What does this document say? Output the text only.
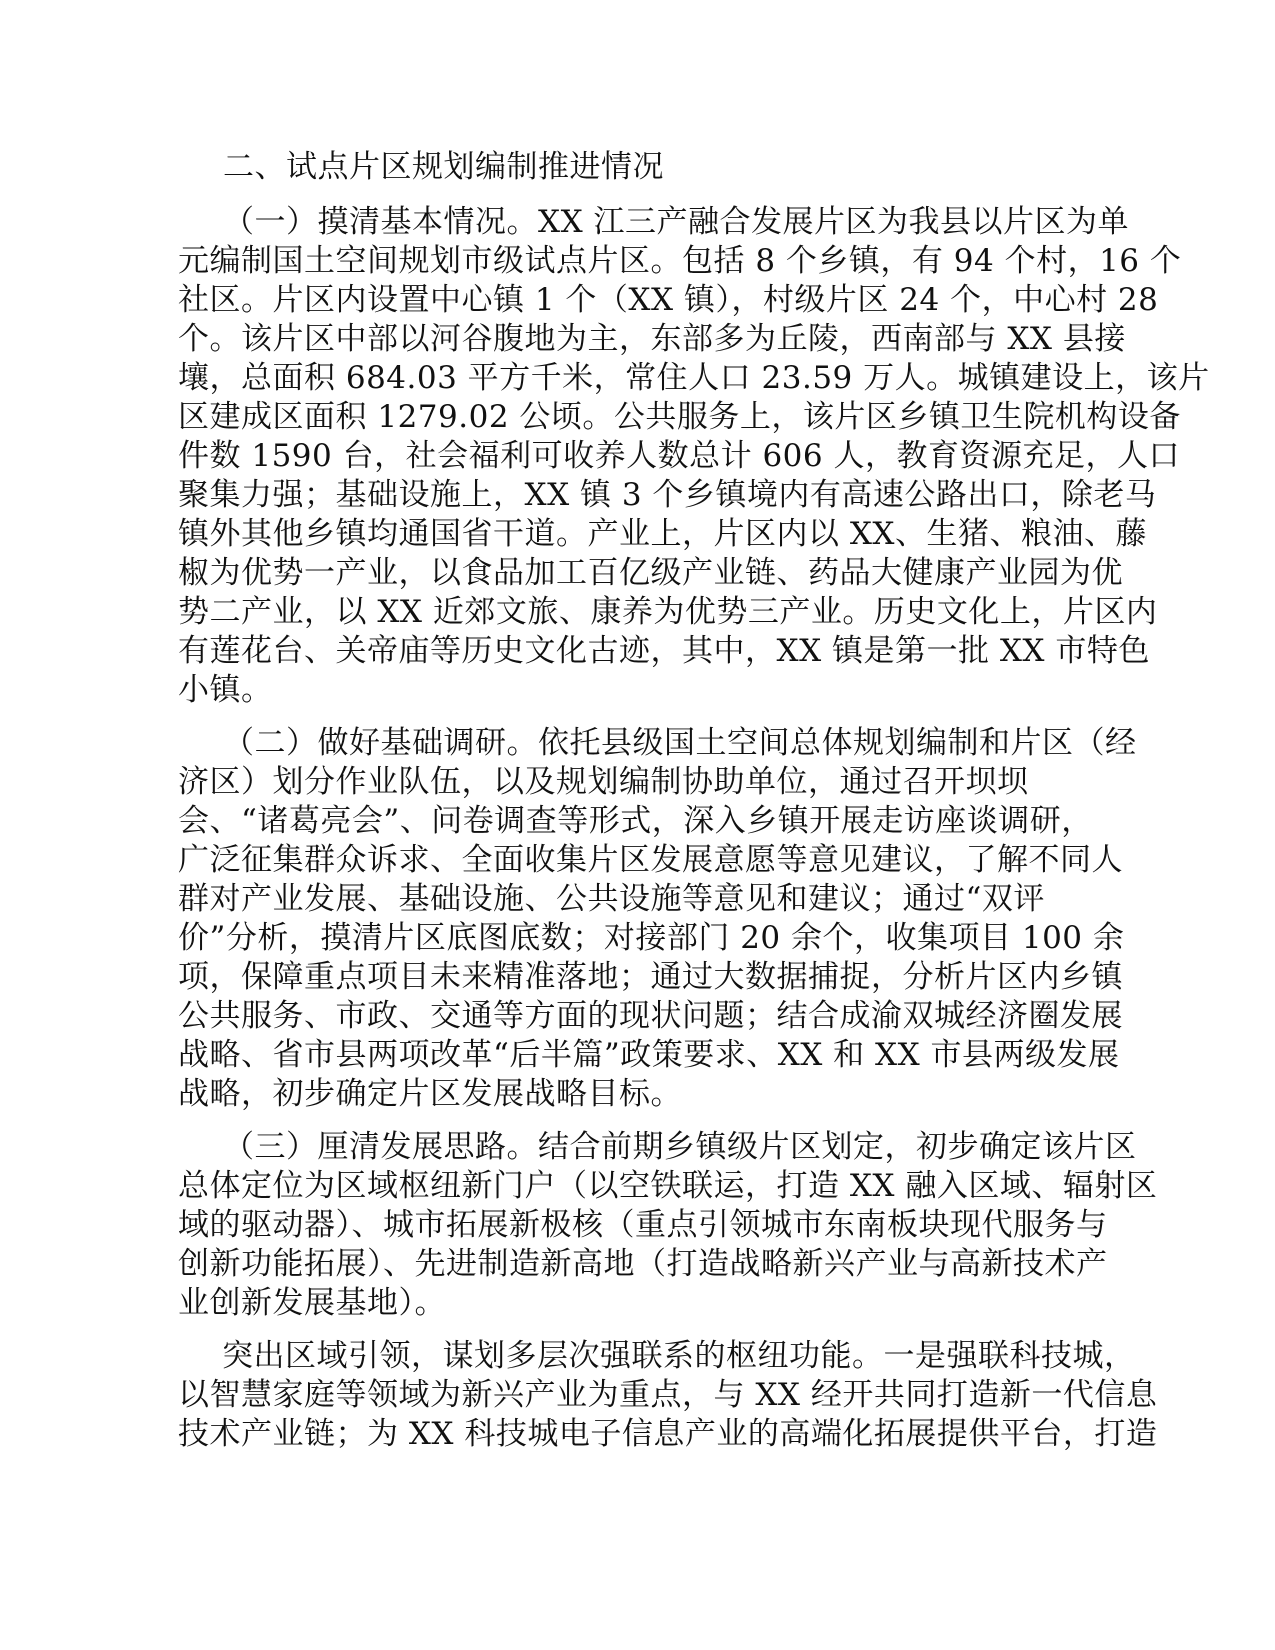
二、试点片区规划编制推进情况
（一）摸清基本情况。XX 江三产融合发展片区为我县以片区为单
元编制国土空间规划市级试点片区。包括 8 个乡镇，有 94 个村，16 个
社区。片区内设置中心镇 1 个（XX 镇），村级片区 24 个，中心村 28
个。该片区中部以河谷腹地为主，东部多为丘陵，西南部与 XX 县接
壤，总面积 684.03 平方千米，常住人口 23.59 万人。城镇建设上，该片
区建成区面积 1279.02 公顷。公共服务上，该片区乡镇卫生院机构设备
件数 1590 台，社会福利可收养人数总计 606 人，教育资源充足，人口
聚集力强；基础设施上，XX 镇 3 个乡镇境内有高速公路出口，除老马
镇外其他乡镇均通国省干道。产业上，片区内以 XX、生猪、粮油、藤
椒为优势一产业，以食品加工百亿级产业链、药品大健康产业园为优
势二产业，以 XX 近郊文旅、康养为优势三产业。历史文化上，片区内
有莲花台、关帝庙等历史文化古迹，其中，XX 镇是第一批 XX 市特色
小镇。
（二）做好基础调研。依托县级国土空间总体规划编制和片区（经
济区）划分作业队伍，以及规划编制协助单位，通过召开坝坝
会、“诸葛亮会”、问卷调查等形式，深入乡镇开展走访座谈调研，
广泛征集群众诉求、全面收集片区发展意愿等意见建议，了解不同人
群对产业发展、基础设施、公共设施等意见和建议；通过“双评
价”分析，摸清片区底图底数；对接部门 20 余个，收集项目 100 余
项，保障重点项目未来精准落地；通过大数据捕捉，分析片区内乡镇
公共服务、市政、交通等方面的现状问题；结合成渝双城经济圈发展
战略、省市县两项改革“后半篇”政策要求、XX 和 XX 市县两级发展
战略，初步确定片区发展战略目标。
（三）厘清发展思路。结合前期乡镇级片区划定，初步确定该片区
总体定位为区域枢纽新门户（以空铁联运，打造 XX 融入区域、辐射区
域的驱动器）、城市拓展新极核（重点引领城市东南板块现代服务与
创新功能拓展）、先进制造新高地（打造战略新兴产业与高新技术产
业创新发展基地）。
突出区域引领，谋划多层次强联系的枢纽功能。一是强联科技城，
以智慧家庭等领域为新兴产业为重点，与 XX 经开共同打造新一代信息
技术产业链；为 XX 科技城电子信息产业的高端化拓展提供平台，打造
